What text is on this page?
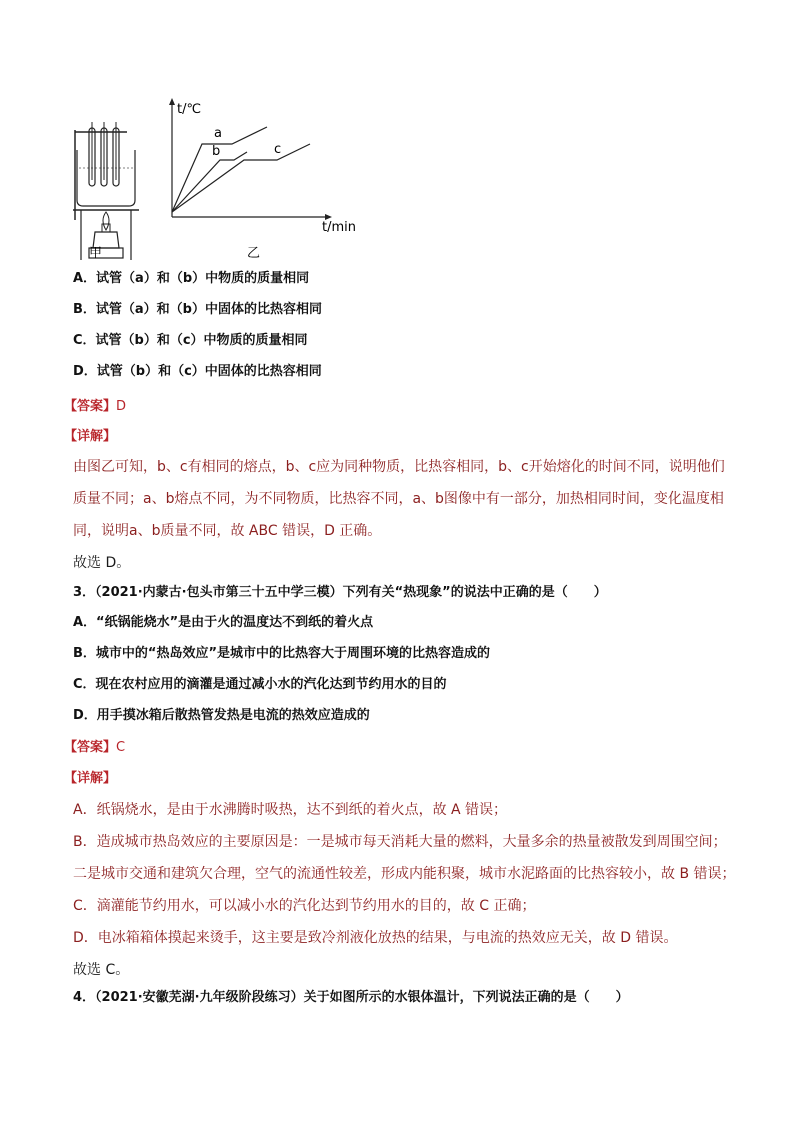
甲
t/℃
t/min
a
b	c
乙
A．试管（a）和（b）中物质的质量相同
B．试管（a）和（b）中固体的比热容相同
C．试管（b）和（c）中物质的质量相同
D．试管（b）和（c）中固体的比热容相同
【答案】D
【详解】
由图乙可知，b、c有相同的熔点，b、c应为同种物质，比热容相同，b、c开始熔化的时间不同，说明他们
质量不同；a、b熔点不同，为不同物质，比热容不同，a、b图像中有一部分，加热相同时间，变化温度相
同，说明a、b质量不同，故 ABC 错误，D 正确。
故选 D。
3．（2021·内蒙古·包头市第三十五中学三模）下列有关“热现象”的说法中正确的是（　　）
A．“纸锅能烧水”是由于火的温度达不到纸的着火点
B．城市中的“热岛效应”是城市中的比热容大于周围环境的比热容造成的
C．现在农村应用的滴灌是通过减小水的汽化达到节约用水的目的
D．用手摸冰箱后散热管发热是电流的热效应造成的
【答案】C
【详解】
A．纸锅烧水，是由于水沸腾时吸热，达不到纸的着火点，故 A 错误；
B．造成城市热岛效应的主要原因是：一是城市每天消耗大量的燃料，大量多余的热量被散发到周围空间；
二是城市交通和建筑欠合理，空气的流通性较差，形成内能积聚，城市水泥路面的比热容较小，故 B 错误；
C．滴灌能节约用水，可以减小水的汽化达到节约用水的目的，故 C 正确；
D．电冰箱箱体摸起来烫手，这主要是致冷剂液化放热的结果，与电流的热效应无关，故 D 错误。
故选 C。
4．（2021·安徽芜湖·九年级阶段练习）关于如图所示的水银体温计，下列说法正确的是（　　）
